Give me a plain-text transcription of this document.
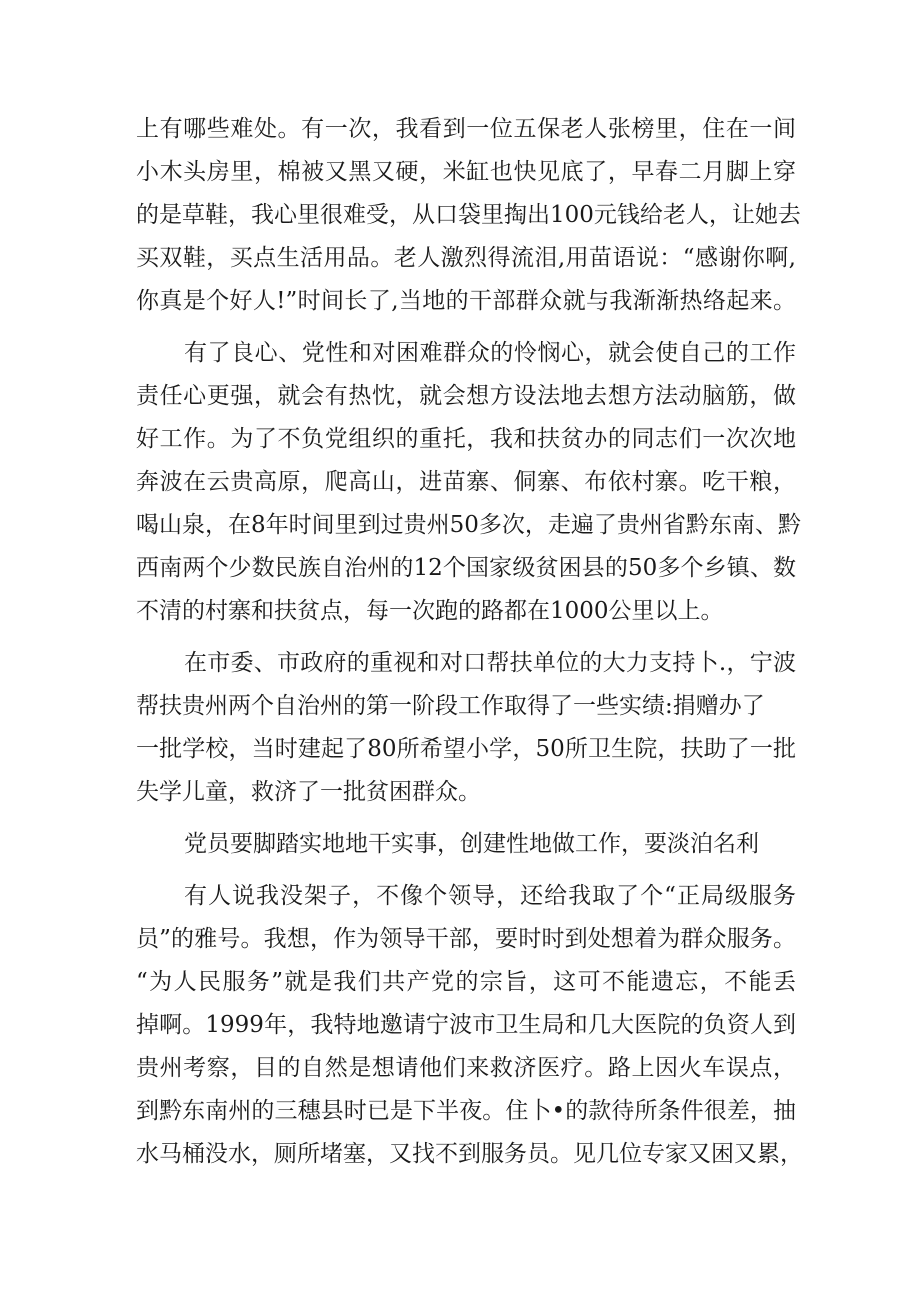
上有哪些难处。有一次，我看到一位五保老人张榜里，住在一间
小木头房里，棉被又黑又硬，米缸也快见底了，早春二月脚上穿
的是草鞋，我心里很难受，从口袋里掏出100元钱给老人，让她去
买双鞋，买点生活用品。老人激烈得流泪,用苗语说：“感谢你啊,
你真是个好人!”时间长了,当地的干部群众就与我渐渐热络起来。
有了良心、党性和对困难群众的怜悯心，就会使自己的工作
责任心更强，就会有热忱，就会想方设法地去想方法动脑筋，做
好工作。为了不负党组织的重托，我和扶贫办的同志们一次次地
奔波在云贵高原，爬高山，进苗寨、侗寨、布依村寨。吃干粮，
喝山泉，在8年时间里到过贵州50多次，走遍了贵州省黔东南、黔
西南两个少数民族自治州的12个国家级贫困县的50多个乡镇、数
不清的村寨和扶贫点，每一次跑的路都在1000公里以上。
在市委、市政府的重视和对口帮扶单位的大力支持卜.，宁波
帮扶贵州两个自治州的第一阶段工作取得了一些实绩:捐赠办了
一批学校，当时建起了80所希望小学，50所卫生院，扶助了一批
失学儿童，救济了一批贫困群众。
党员要脚踏实地地干实事，创建性地做工作，要淡泊名利
有人说我没架子，不像个领导，还给我取了个“正局级服务
员”的雅号。我想，作为领导干部，要时时到处想着为群众服务。
“为人民服务”就是我们共产党的宗旨，这可不能遗忘，不能丢
掉啊。1999年，我特地邀请宁波市卫生局和几大医院的负资人到
贵州考察，目的自然是想请他们来救济医疗。路上因火车误点，
到黔东南州的三穗县时已是下半夜。住卜•的款待所条件很差，抽
水马桶没水，厕所堵塞，又找不到服务员。见几位专家又困又累，
